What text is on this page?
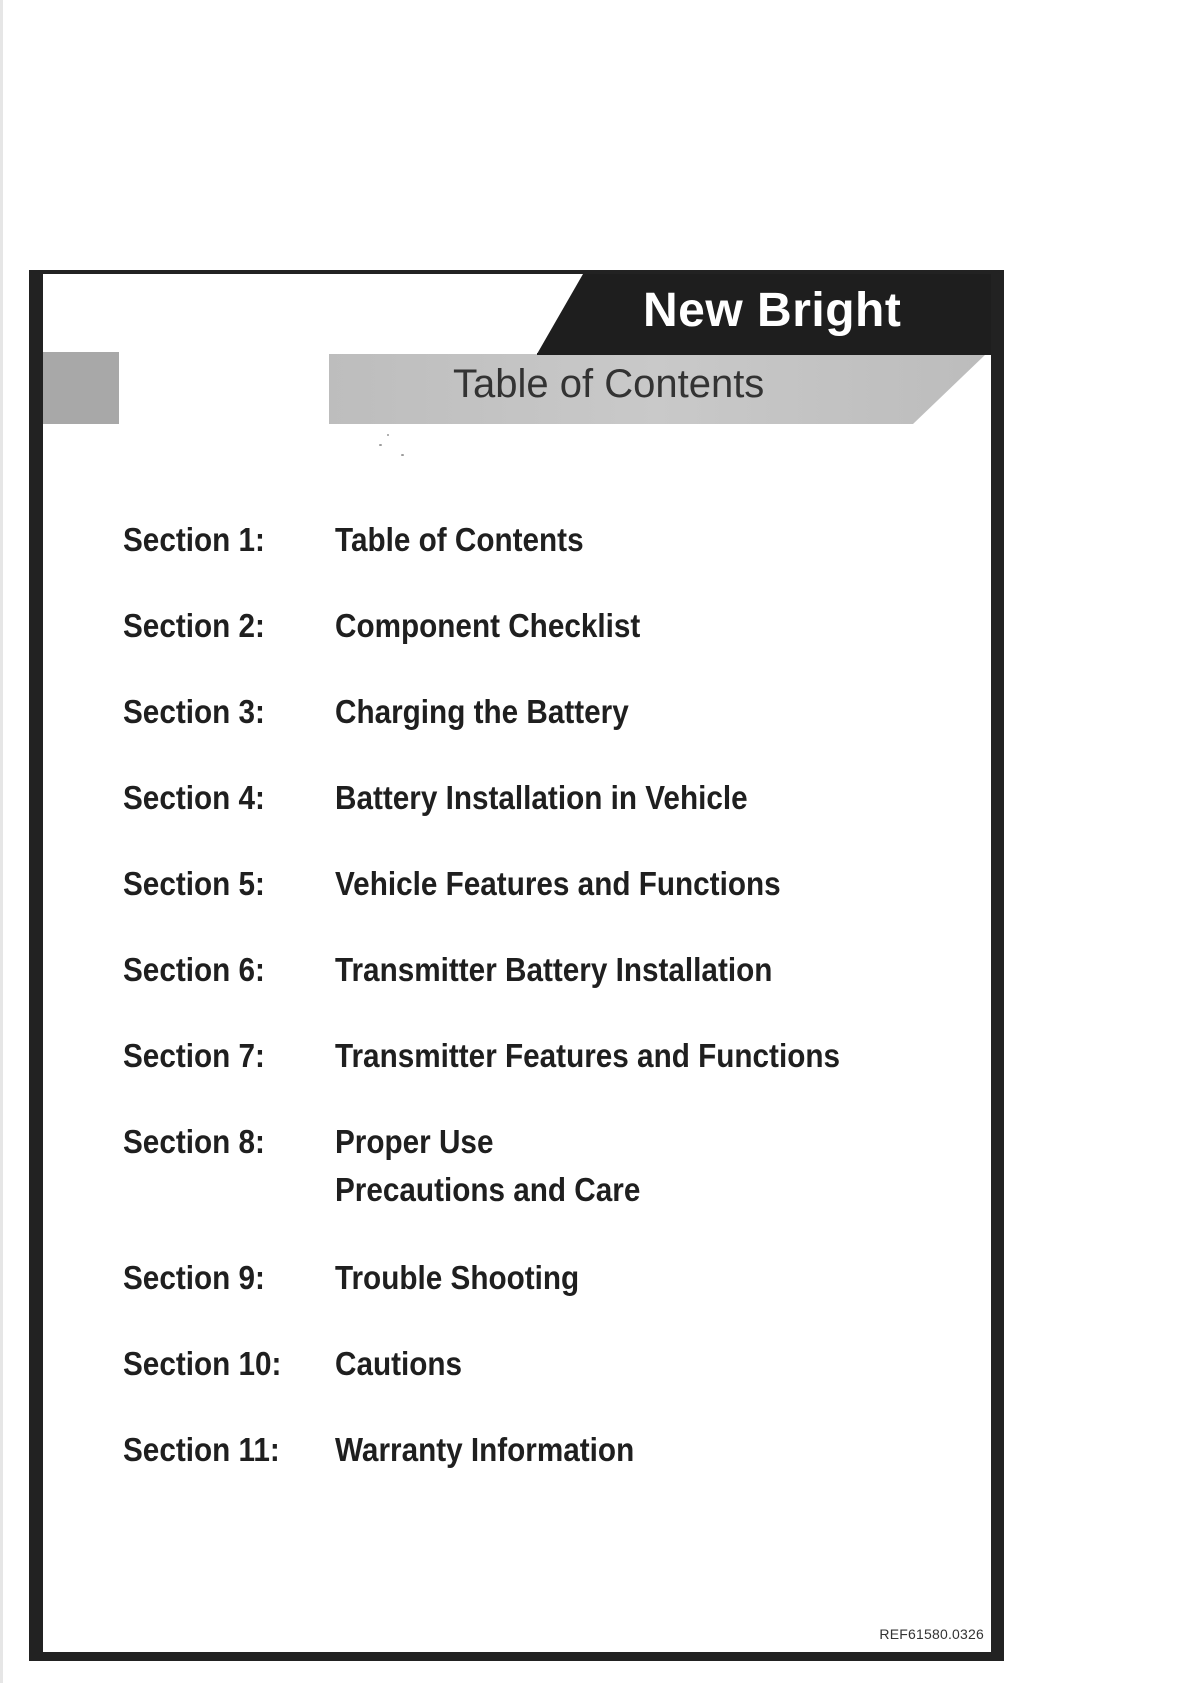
New Bright
Table of Contents
Section 1:	Table of Contents
Section 2:	Component Checklist
Section 3:	Charging the Battery
Section 4:	Battery Installation in Vehicle
Section 5:	Vehicle Features and Functions
Section 6:	Transmitter Battery Installation
Section 7:	Transmitter Features and Functions
Section 8:	Proper Use
Precautions and Care
Section 9:	Trouble Shooting
Section 10:	Cautions
Section 11:	Warranty Information
REF61580.0326
